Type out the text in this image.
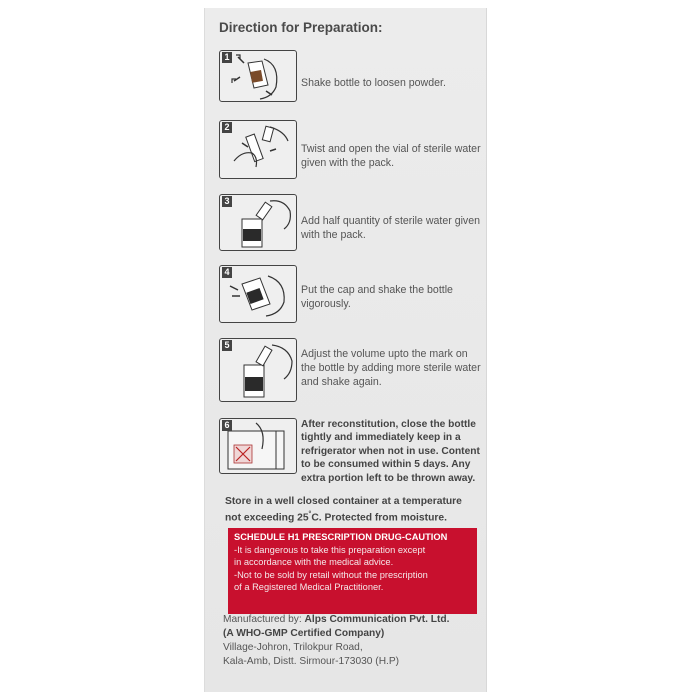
Direction for Preparation:
1
Shake bottle to loosen powder.
2
Twist and open the vial of sterile water given with the pack.
3
Add half quantity of sterile water given with the pack.
4
Put the cap and shake the bottle vigorously.
5
Adjust the volume upto the mark on the bottle by adding more sterile water and shake again.
6	After reconstitution, close the bottle tightly and immediately keep in a refrigerator when not in use. Content to be consumed within 5 days. Any extra portion left to be thrown away.
Store in a well closed container at a temperature not exceeding 25°C. Protected from moisture.
SCHEDULE H1 PRESCRIPTION DRUG-CAUTION
-It is dangerous to take this preparation except
in accordance with the medical advice.
-Not to be sold by retail without the prescription
of a Registered Medical Practitioner.
Manufactured by: Alps Communication Pvt. Ltd.
(A WHO-GMP Certified Company)
Village-Johron, Trilokpur Road,
Kala-Amb, Distt. Sirmour-173030 (H.P)
